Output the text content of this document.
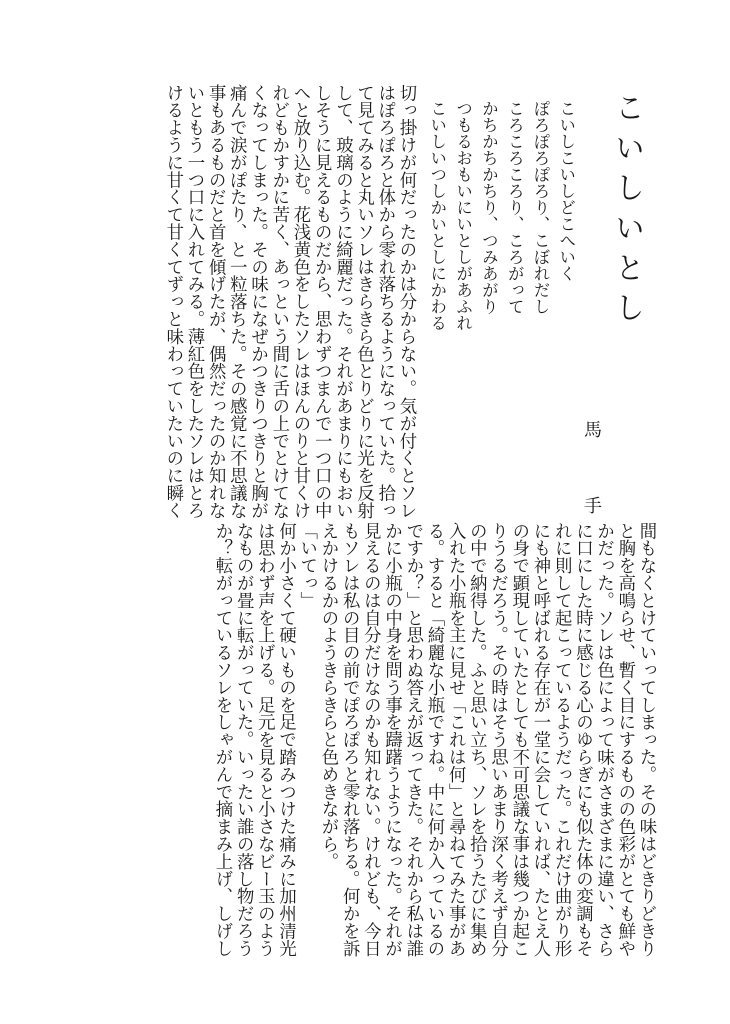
こいしいとし
こいしこいしどこへいく
ぽろぽろぽろり、こぼれだし
ころころころり、ころがって
かちかちかちり、つみあがり
つもるおもいにいとしがあふれ
こいしいつしかいとしにかわる
馬　手
切っ掛けが何だったのかは分からない。気が付くとソレ
はぽろぽろと体から零れ落ちるようになっていた。拾っ
て見てみると丸いソレはきらきら色とりどりに光を反射
して、玻璃のように綺麗だった。それがあまりにもおい
しそうに見えるものだから、思わずつまんで一つ口の中
へと放り込む。花浅黄色をしたソレはほんのりと甘くけ
れどもかすかに苦く、あっという間に舌の上でとけてな
くなってしまった。その味になぜかつきりつきりと胸が
痛んで涙がぽたり、と一粒落ちた。その感覚に不思議な
事もあるものだと首を傾げたが、偶然だったのか知れな
いともう一つ口に入れてみる。薄紅色をしたソレはとろ
けるように甘くて甘くてずっと味わっていたいのに瞬く
間もなくとけていってしまった。その味はどきりどきり
と胸を高鳴らせ、暫く目にするものの色彩がとても鮮や
かだった。ソレは色によって味がさまざまに違い、さら
に口にした時に感じる心のゆらぎにも似た体の変調もそ
れに則して起こっているようだった。これだけ曲がり形
にも神と呼ばれる存在が一堂に会していれば、たとえ人
の身で顕現していたとしても不可思議な事は幾つか起こ
りうるだろう。その時はそう思いあまり深く考えず自分
の中で納得した。ふと思い立ち、ソレを拾うたびに集め
入れた小瓶を主に見せ「これは何」と尋ねてみた事があ
る。すると「綺麗な小瓶ですね。中に何か入っているの
ですか？」と思わぬ答えが返ってきた。それから私は誰
かに小瓶の中身を問う事を躊躇うようになった。それが
見えるのは自分だけなのかも知れない。けれども、今日
もソレは私の目の前でぽろぽろと零れ落ちる。何かを訴
えかけるかのようきらきらと色めきながら。
「いてっ」
何か小さくて硬いものを足で踏みつけた痛みに加州清光
は思わず声を上げる。足元を見ると小さなビー玉のよう
なものが畳に転がっていた。いったい誰の落し物だろう
か？転がっているソレをしゃがんで摘まみ上げ、しげし
